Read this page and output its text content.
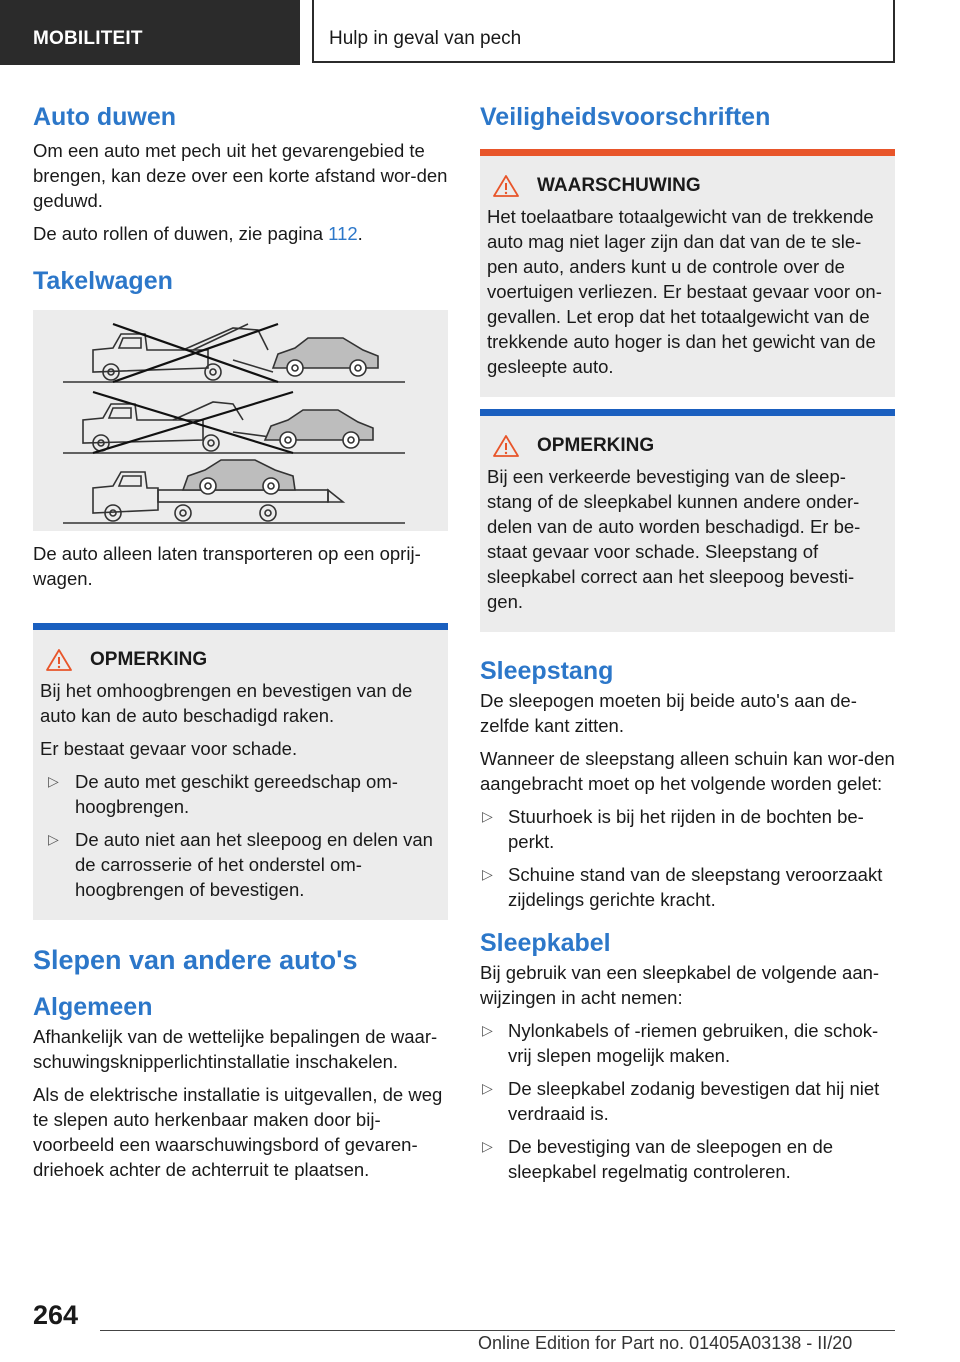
MOBILITEIT	Hulp in geval van pech
Auto duwen

Om een auto met pech uit het gevarengebied te brengen, kan deze over een korte afstand wor-den geduwd.

De auto rollen of duwen, zie pagina 112.

Takelwagen

De auto alleen laten transporteren op een oprij-wagen.

OPMERKING

Bij het omhoogbrengen en bevestigen van de auto kan de auto beschadigd raken.

Er bestaat gevaar voor schade.

▷ De auto met geschikt gereedschap om-hoogbrengen.
▷ De auto niet aan het sleepoog en delen van de carrosserie of het onderstel om-hoogbrengen of bevestigen.
Slepen van andere auto's
Algemeen

Afhankelijk van de wettelijke bepalingen de waar-schuwingsknipperlichtinstallatie inschakelen.

Als de elektrische installatie is uitgevallen, de weg te slepen auto herkenbaar maken door bij-voorbeeld een waarschuwingsbord of gevaren-driehoek achter de achterruit te plaatsen.

Veiligheidsvoorschriften
WAARSCHUWING

Het toelaatbare totaalgewicht van de trekkende auto mag niet lager zijn dan dat van de te sle-pen auto, anders kunt u de controle over de voertuigen verliezen. Er bestaat gevaar voor on-gevallen. Let erop dat het totaalgewicht van de trekkende auto hoger is dan het gewicht van de gesleepte auto.

OPMERKING

Bij een verkeerde bevestiging van de sleep-stang of de sleepkabel kunnen andere onder-delen van de auto worden beschadigd. Er be-staat gevaar voor schade. Sleepstang of sleepkabel correct aan het sleepoog bevesti-gen.

Sleepstang

De sleepogen moeten bij beide auto's aan de-zelfde kant zitten.

Wanneer de sleepstang alleen schuin kan wor-den aangebracht moet op het volgende worden gelet:

▷ Stuurhoek is bij het rijden in de bochten be-perkt.
▷ Schuine stand van de sleepstang veroorzaakt zijdelings gerichte kracht.
Sleepkabel

Bij gebruik van een sleepkabel de volgende aan-wijzingen in acht nemen:

▷ Nylonkabels of -riemen gebruiken, die schok-vrij slepen mogelijk maken.
▷ De sleepkabel zodanig bevestigen dat hij niet verdraaid is.
▷ De bevestiging van de sleepogen en de sleepkabel regelmatig controleren.
264
Online Edition for Part no. 01405A03138 - II/20
